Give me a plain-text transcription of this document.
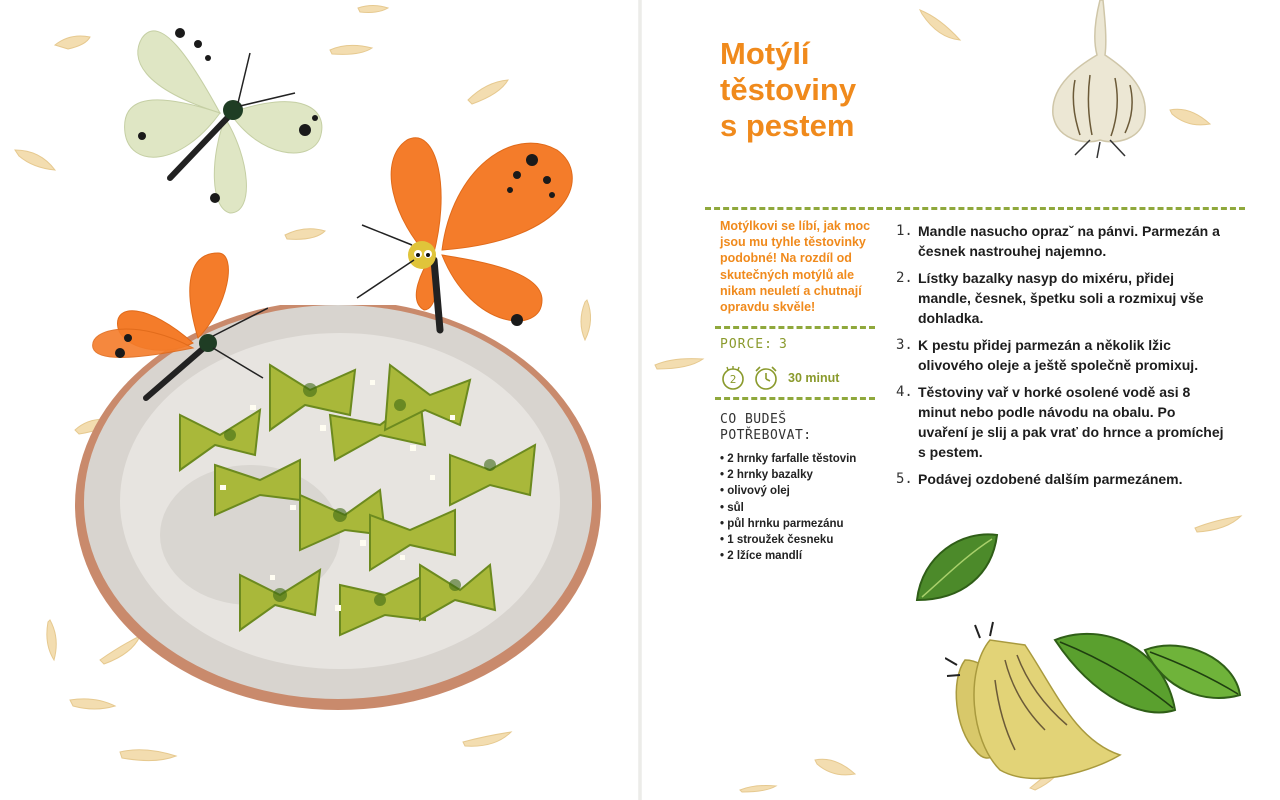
Motýlí
těstoviny
s pestem
Motýlkovi se líbí, jak moc jsou mu tyhle těstovinky podobné! Na rozdíl od skutečných motýlů ale nikam neuletí a chutnají opravdu skvěle!
PORCE: 3
2	30 minut
CO BUDEŠ
POTŘEBOVAT:
• 2 hrnky farfalle těstovin
• 2 hrnky bazalky
• olivový olej
• sůl
• půl hrnku parmezánu
• 1 stroužek česneku
• 2 lžíce mandlí
1. Mandle nasucho oprazˇ na pánvi. Parmezán a česnek nastrouhej najemno.
2. Lístky bazalky nasyp do mixéru, přidej mandle, česnek, špetku soli a rozmixuj vše dohladka.
3. K pestu přidej parmezán a několik lžic olivového oleje a ještě společně promixuj.
4. Těstoviny vař v horké osolené vodě asi 8 minut nebo podle návodu na obalu. Po uvaření je slij a pak vrať do hrnce a promíchej s pestem.
5. Podávej ozdobené dalším parmezánem.
